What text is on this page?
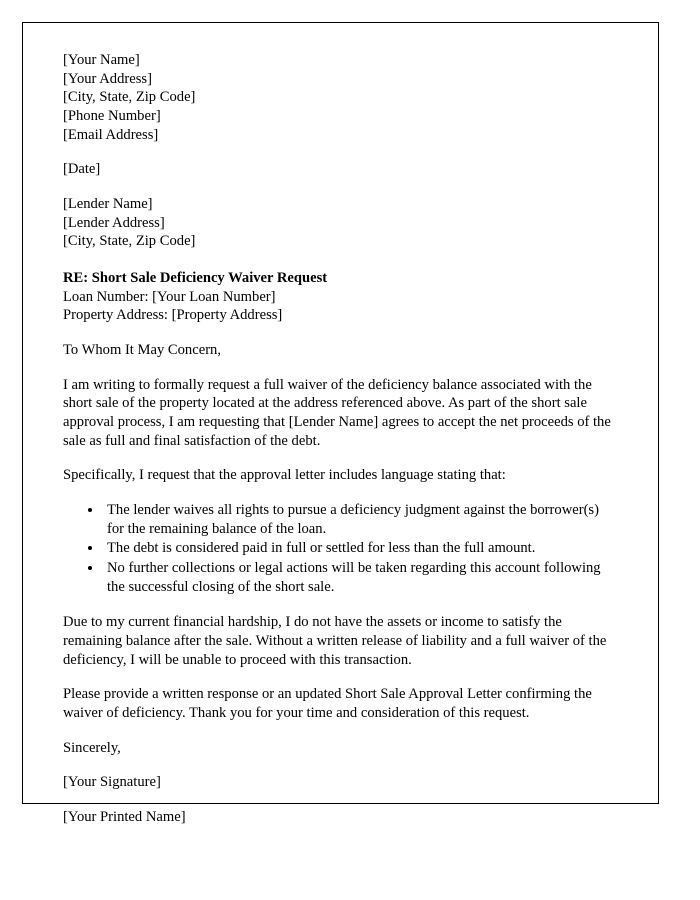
[Your Name]
[Your Address]
[City, State, Zip Code]
[Phone Number]
[Email Address]
[Date]
[Lender Name]
[Lender Address]
[City, State, Zip Code]
RE: Short Sale Deficiency Waiver Request
Loan Number: [Your Loan Number]
Property Address: [Property Address]
To Whom It May Concern,

I am writing to formally request a full waiver of the deficiency balance associated with the short sale of the property located at the address referenced above. As part of the short sale approval process, I am requesting that [Lender Name] agrees to accept the net proceeds of the sale as full and final satisfaction of the debt.

Specifically, I request that the approval letter includes language stating that:

• The lender waives all rights to pursue a deficiency judgment against the borrower(s) for the remaining balance of the loan.
• The debt is considered paid in full or settled for less than the full amount.
• No further collections or legal actions will be taken regarding this account following the successful closing of the short sale.

Due to my current financial hardship, I do not have the assets or income to satisfy the remaining balance after the sale. Without a written release of liability and a full waiver of the deficiency, I will be unable to proceed with this transaction.

Please provide a written response or an updated Short Sale Approval Letter confirming the waiver of deficiency. Thank you for your time and consideration of this request.

Sincerely,
[Your Signature]
[Your Printed Name]
